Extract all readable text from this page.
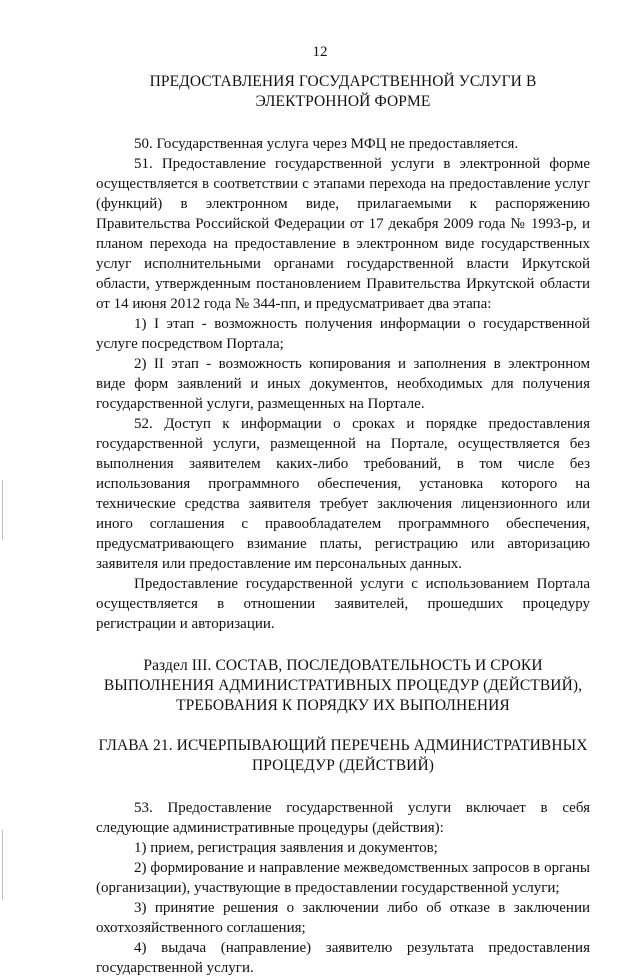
12
ПРЕДОСТАВЛЕНИЯ ГОСУДАРСТВЕННОЙ УСЛУГИ В ЭЛЕКТРОННОЙ ФОРМЕ

50. Государственная услуга через МФЦ не предоставляется.

51. Предоставление государственной услуги в электронной форме осуществляется в соответствии с этапами перехода на предоставление услуг (функций) в электронном виде, прилагаемыми к распоряжению Правительства Российской Федерации от 17 декабря 2009 года № 1993-р, и планом перехода на предоставление в электронном виде государственных услуг исполнительными органами государственной власти Иркутской области, утвержденным постановлением Правительства Иркутской области от 14 июня 2012 года № 344-пп, и предусматривает два этапа:

1) I этап - возможность получения информации о государственной услуге посредством Портала;

2) II этап - возможность копирования и заполнения в электронном виде форм заявлений и иных документов, необходимых для получения государственной услуги, размещенных на Портале.

52. Доступ к информации о сроках и порядке предоставления государственной услуги, размещенной на Портале, осуществляется без выполнения заявителем каких-либо требований, в том числе без использования программного обеспечения, установка которого на технические средства заявителя требует заключения лицензионного или иного соглашения с правообладателем программного обеспечения, предусматривающего взимание платы, регистрацию или авторизацию заявителя или предоставление им персональных данных.

Предоставление государственной услуги с использованием Портала осуществляется в отношении заявителей, прошедших процедуру регистрации и авторизации.

Раздел III. СОСТАВ, ПОСЛЕДОВАТЕЛЬНОСТЬ И СРОКИ ВЫПОЛНЕНИЯ АДМИНИСТРАТИВНЫХ ПРОЦЕДУР (ДЕЙСТВИЙ), ТРЕБОВАНИЯ К ПОРЯДКУ ИХ ВЫПОЛНЕНИЯ
ГЛАВА 21. ИСЧЕРПЫВАЮЩИЙ ПЕРЕЧЕНЬ АДМИНИСТРАТИВНЫХ ПРОЦЕДУР (ДЕЙСТВИЙ)

53. Предоставление государственной услуги включает в себя следующие административные процедуры (действия):

1) прием, регистрация заявления и документов;

2) формирование и направление межведомственных запросов в органы (организации), участвующие в предоставлении государственной услуги;

3) принятие решения о заключении либо об отказе в заключении охотхозяйственного соглашения;

4) выдача (направление) заявителю результата предоставления государственной услуги.
